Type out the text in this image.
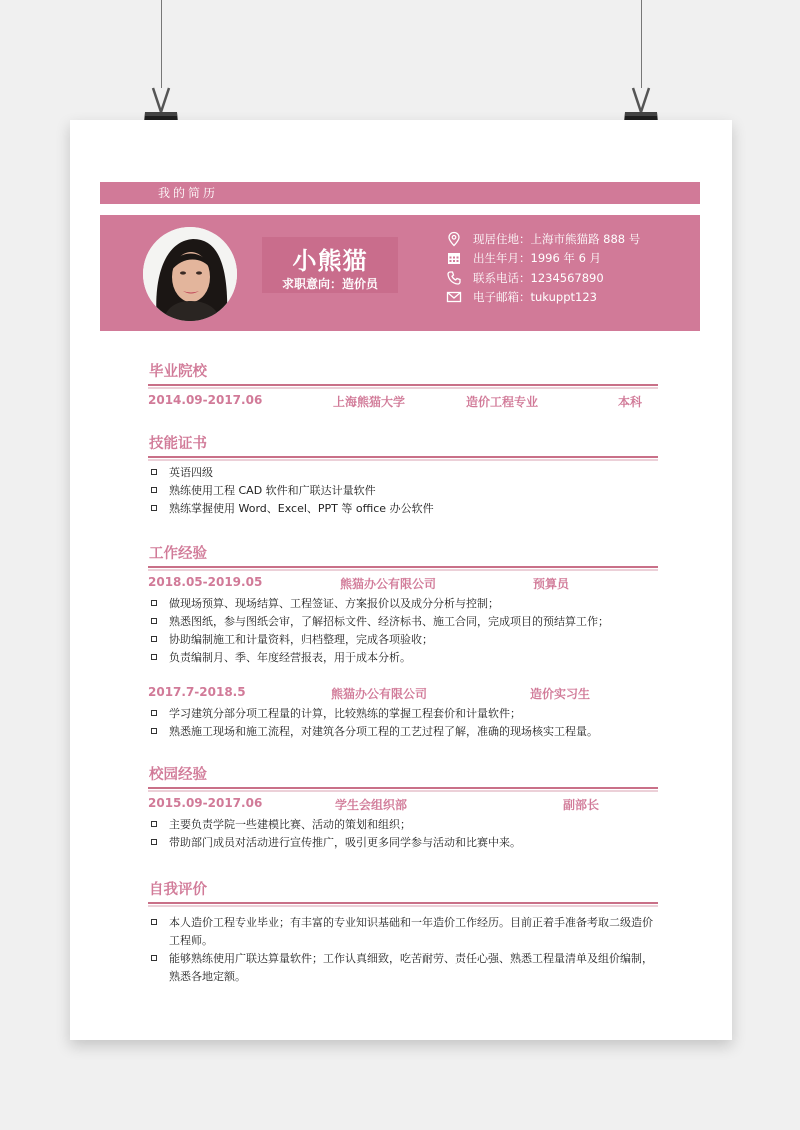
我的简历
小熊猫
求职意向：造价员
现居住地：上海市熊猫路 888 号
出生年月：1996 年 6 月
联系电话：1234567890
电子邮箱：tukuppt123
毕业院校
2014.09-2017.06	上海熊猫大学	造价工程专业	本科
技能证书
英语四级
熟练使用工程 CAD 软件和广联达计量软件
熟练掌握使用 Word、Excel、PPT 等 office 办公软件
工作经验
2018.05-2019.05	熊猫办公有限公司	预算员
做现场预算、现场结算、工程签证、方案报价以及成分分析与控制；
熟悉图纸，参与图纸会审，了解招标文件、经济标书、施工合同，完成项目的预结算工作；
协助编制施工和计量资料，归档整理，完成各项验收；
负责编制月、季、年度经营报表，用于成本分析。
2017.7-2018.5	熊猫办公有限公司	造价实习生
学习建筑分部分项工程量的计算，比较熟练的掌握工程套价和计量软件；
熟悉施工现场和施工流程，对建筑各分项工程的工艺过程了解，准确的现场核实工程量。
校园经验
2015.09-2017.06	学生会组织部	副部长
主要负责学院一些建模比赛、活动的策划和组织；
带助部门成员对活动进行宣传推广，吸引更多同学参与活动和比赛中来。
自我评价
本人造价工程专业毕业；有丰富的专业知识基础和一年造价工作经历。目前正着手准备考取二级造价工程师。
能够熟练使用广联达算量软件；工作认真细致，吃苦耐劳、责任心强、熟悉工程量清单及组价编制，熟悉各地定额。
